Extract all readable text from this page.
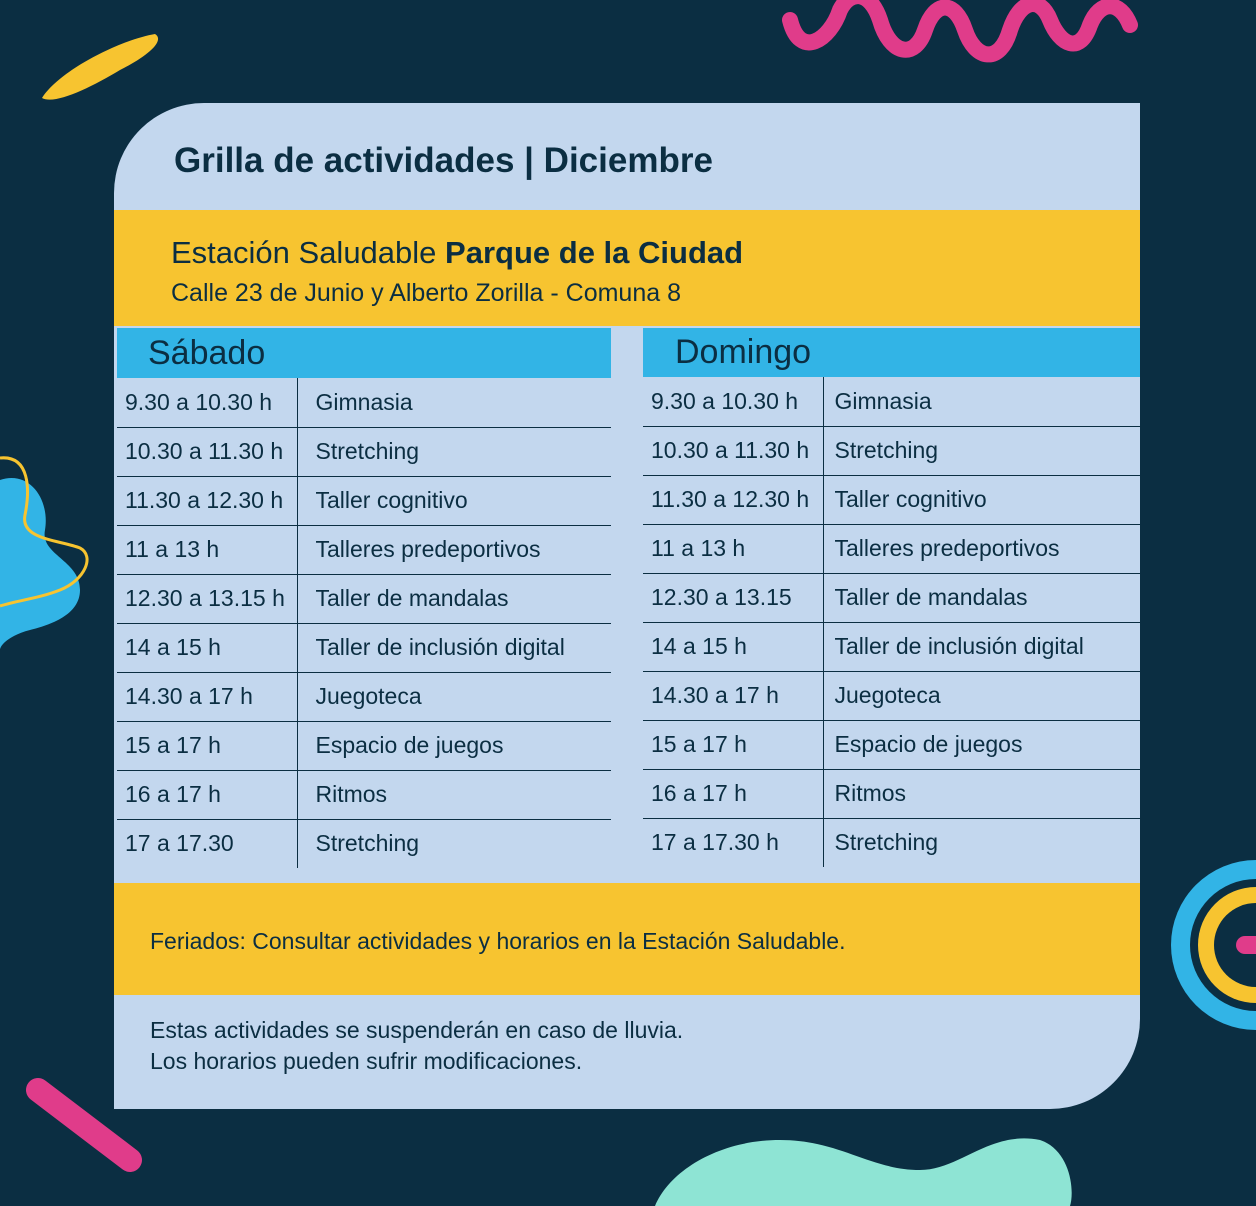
Grilla de actividades | Diciembre
Estación Saludable Parque de la Ciudad
Calle 23 de Junio y Alberto Zorilla - Comuna 8
Sábado
9.30 a 10.30 h	Gimnasia
10.30 a 11.30 h	Stretching
11.30 a 12.30 h	Taller cognitivo
11 a 13 h	Talleres predeportivos
12.30 a 13.15 h	Taller de mandalas
14 a 15 h	Taller de inclusión digital
14.30 a 17 h	Juegoteca
15 a 17 h	Espacio de juegos
16 a 17 h	Ritmos
17 a 17.30	Stretching
Domingo
9.30 a 10.30 h	Gimnasia
10.30 a 11.30 h	Stretching
11.30 a 12.30 h	Taller cognitivo
11 a 13 h	Talleres predeportivos
12.30 a 13.15	Taller de mandalas
14 a 15 h	Taller de inclusión digital
14.30 a 17 h	Juegoteca
15 a 17 h	Espacio de juegos
16 a 17 h	Ritmos
17 a 17.30 h	Stretching
Feriados: Consultar actividades y horarios en la Estación Saludable.
Estas actividades se suspenderán en caso de lluvia.
Los horarios pueden sufrir modificaciones.
